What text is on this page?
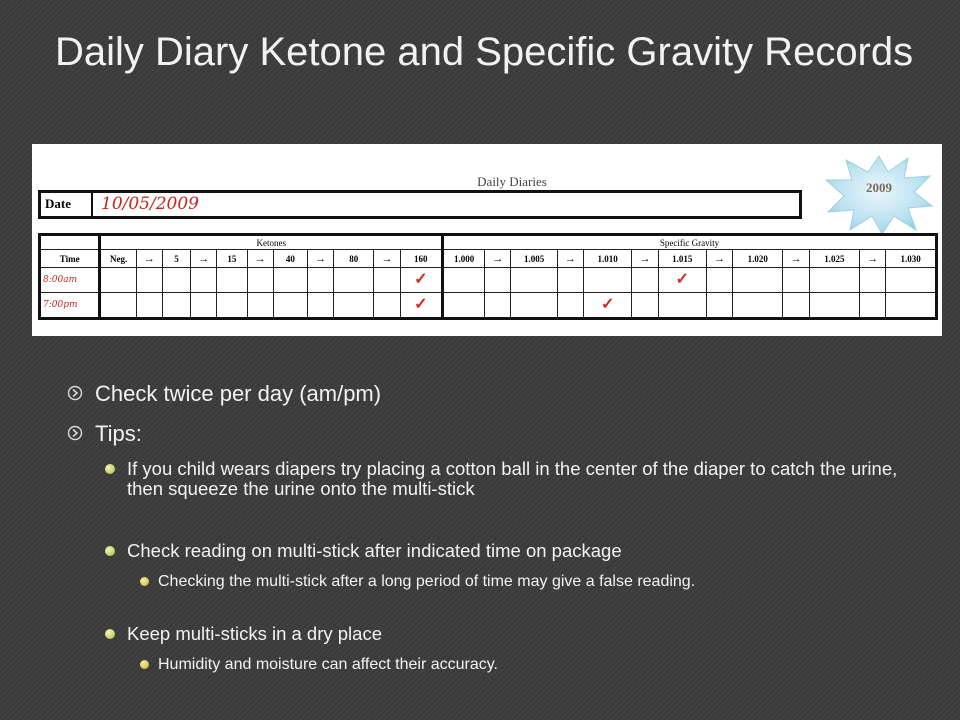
Daily Diary Ketone and Specific Gravity Records
Daily Diaries
Date 10/05/2009
2009
	Ketones											Specific Gravity												
Time	Neg.	→	5	→	15	→	40	→	80	→	160	1.000	→	1.005	→	1.010	→	1.015	→	1.020	→	1.025	→	1.030

8:00am											✓							✓						

7:00pm											✓					✓								
Check twice per day (am/pm)
Tips:
If you child wears diapers try placing a cotton ball in the center of the diaper to catch the urine, then squeeze the urine onto the multi-stick
Check reading on multi-stick after indicated time on package
Checking the multi-stick after a long period of time may give a false reading.
Keep multi-sticks in a dry place
Humidity and moisture can affect their accuracy.
